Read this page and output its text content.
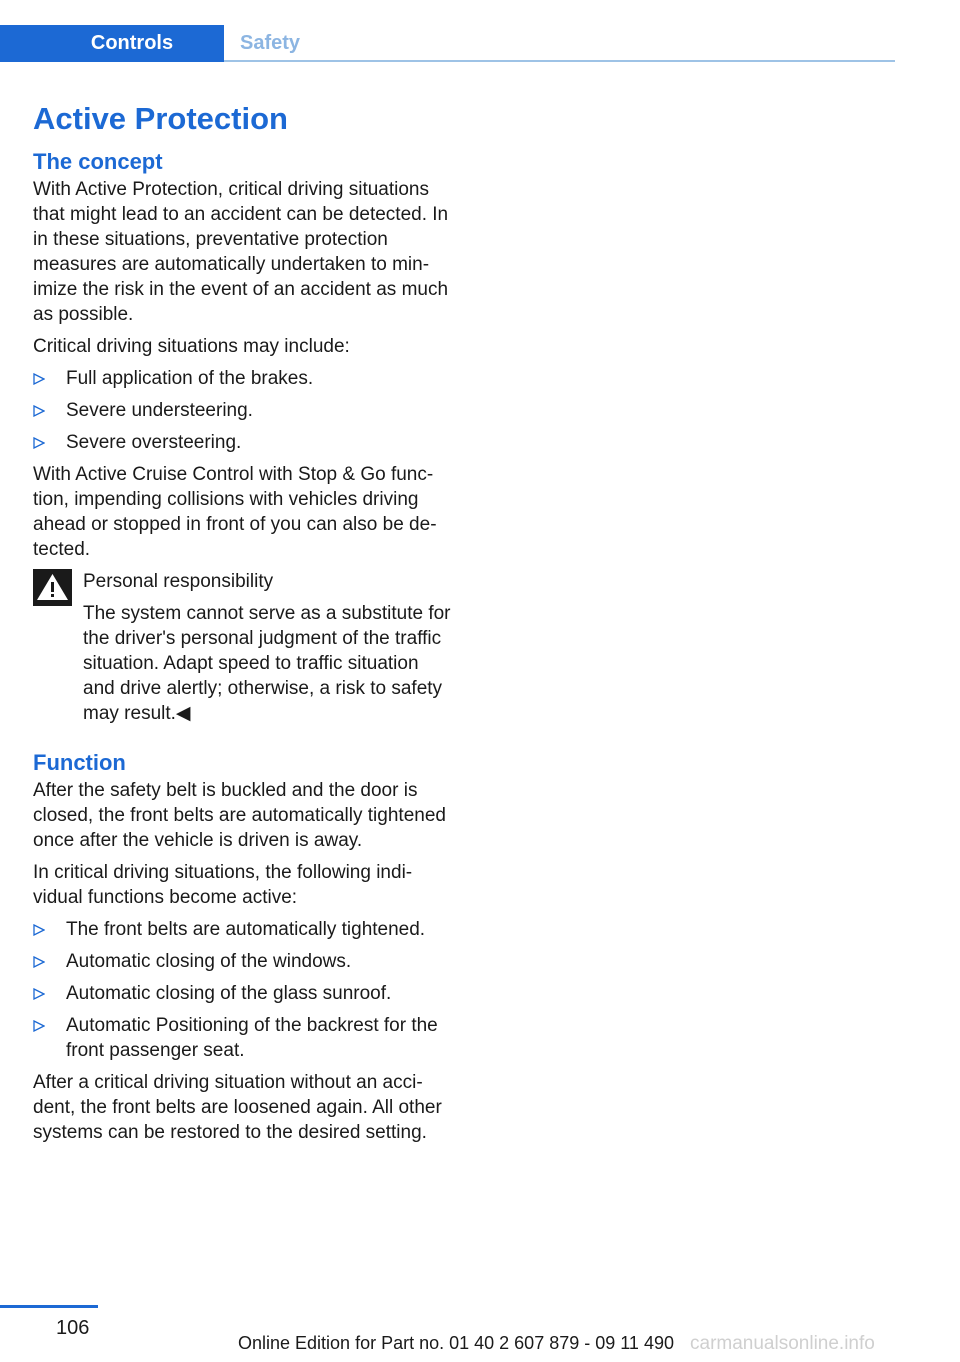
Controls	Safety
Active Protection
The concept

With Active Protection, critical driving situations that might lead to an accident can be detected. In in these situations, preventative protection measures are automatically undertaken to minimize the risk in the event of an accident as much as possible.

Critical driving situations may include:

Full application of the brakes.
Severe understeering.
Severe oversteering.

With Active Cruise Control with Stop & Go function, impending collisions with vehicles driving ahead or stopped in front of you can also be detected.

Personal responsibility

The system cannot serve as a substitute for the driver's personal judgment of the traffic situation. Adapt speed to traffic situation and drive alertly; otherwise, a risk to safety may result.◀

Function

After the safety belt is buckled and the door is closed, the front belts are automatically tightened once after the vehicle is driven is away.

In critical driving situations, the following individual functions become active:

The front belts are automatically tightened.
Automatic closing of the windows.
Automatic closing of the glass sunroof.
Automatic Positioning of the backrest for the front passenger seat.

After a critical driving situation without an accident, the front belts are loosened again. All other systems can be restored to the desired setting.

106
Online Edition for Part no. 01 40 2 607 879 - 09 11 490 carmanualsonline.info
